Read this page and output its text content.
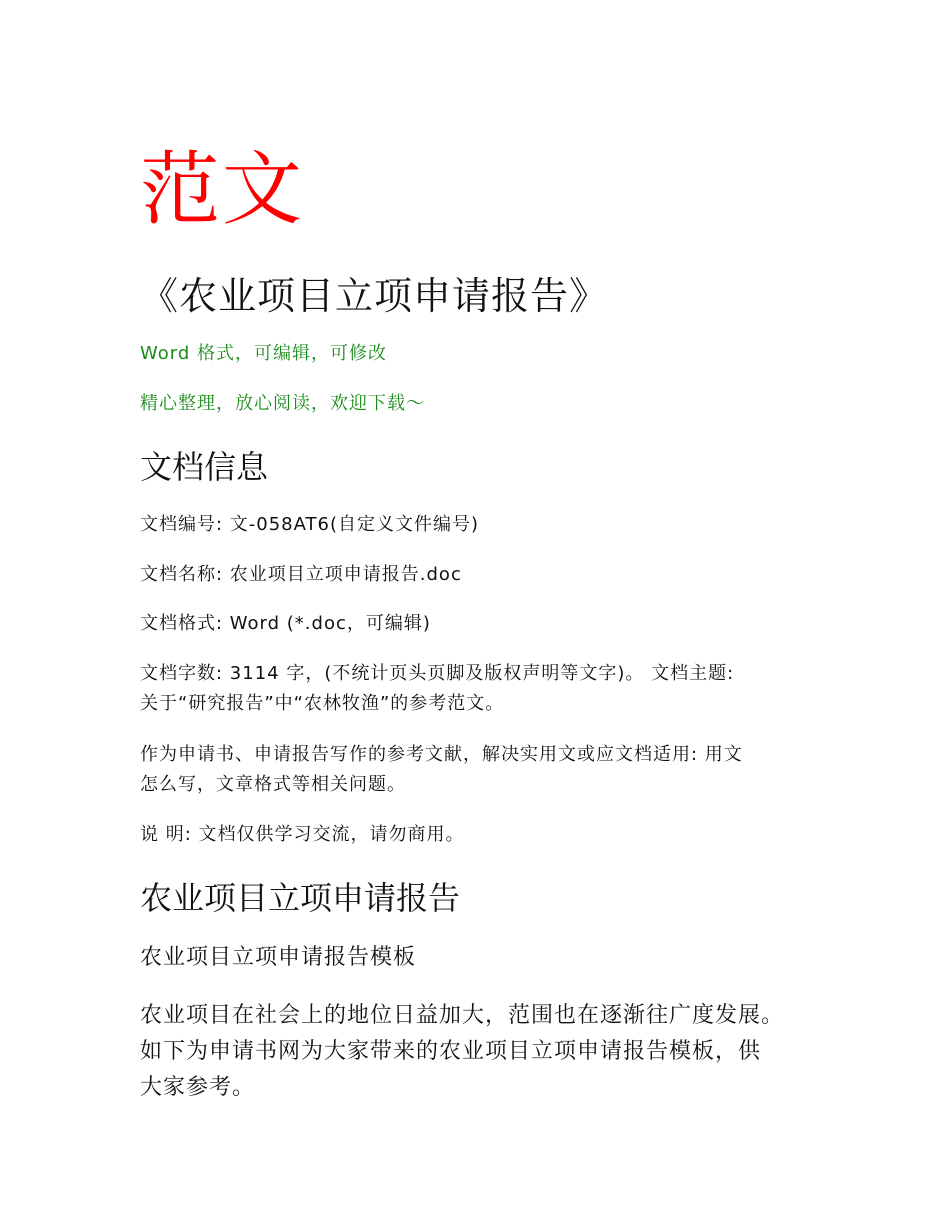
范文
《农业项目立项申请报告》
Word 格式，可编辑，可修改
精心整理，放心阅读，欢迎下载～
文档信息
文档编号: 文-058AT6(自定义文件编号)
文档名称: 农业项目立项申请报告.doc
文档格式: Word (*.doc，可编辑)
文档字数: 3114 字，(不统计页头页脚及版权声明等文字)。 文档主题:
关于“研究报告”中“农林牧渔”的参考范文。
作为申请书、申请报告写作的参考文献，解决实用文或应文档适用: 用文
怎么写，文章格式等相关问题。
说 明: 文档仅供学习交流，请勿商用。
农业项目立项申请报告
农业项目立项申请报告模板
农业项目在社会上的地位日益加大，范围也在逐渐往广度发展。
如下为申请书网为大家带来的农业项目立项申请报告模板，供
大家参考。
